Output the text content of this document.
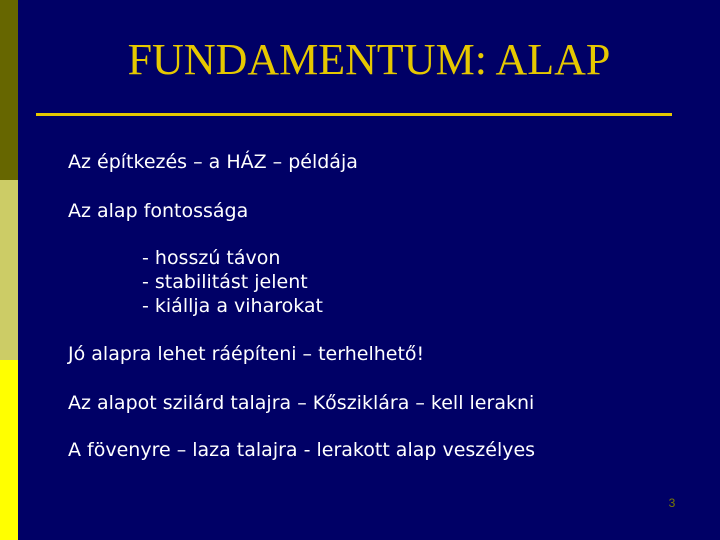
FUNDAMENTUM: ALAP
Az építkezés – a HÁZ – példája
Az alap fontossága
- hosszú távon
- stabilitást jelent
- kiállja a viharokat
Jó alapra lehet ráépíteni – terhelhető!
Az alapot szilárd talajra – Kősziklára – kell lerakni
A fövenyre – laza talajra - lerakott alap veszélyes
3
